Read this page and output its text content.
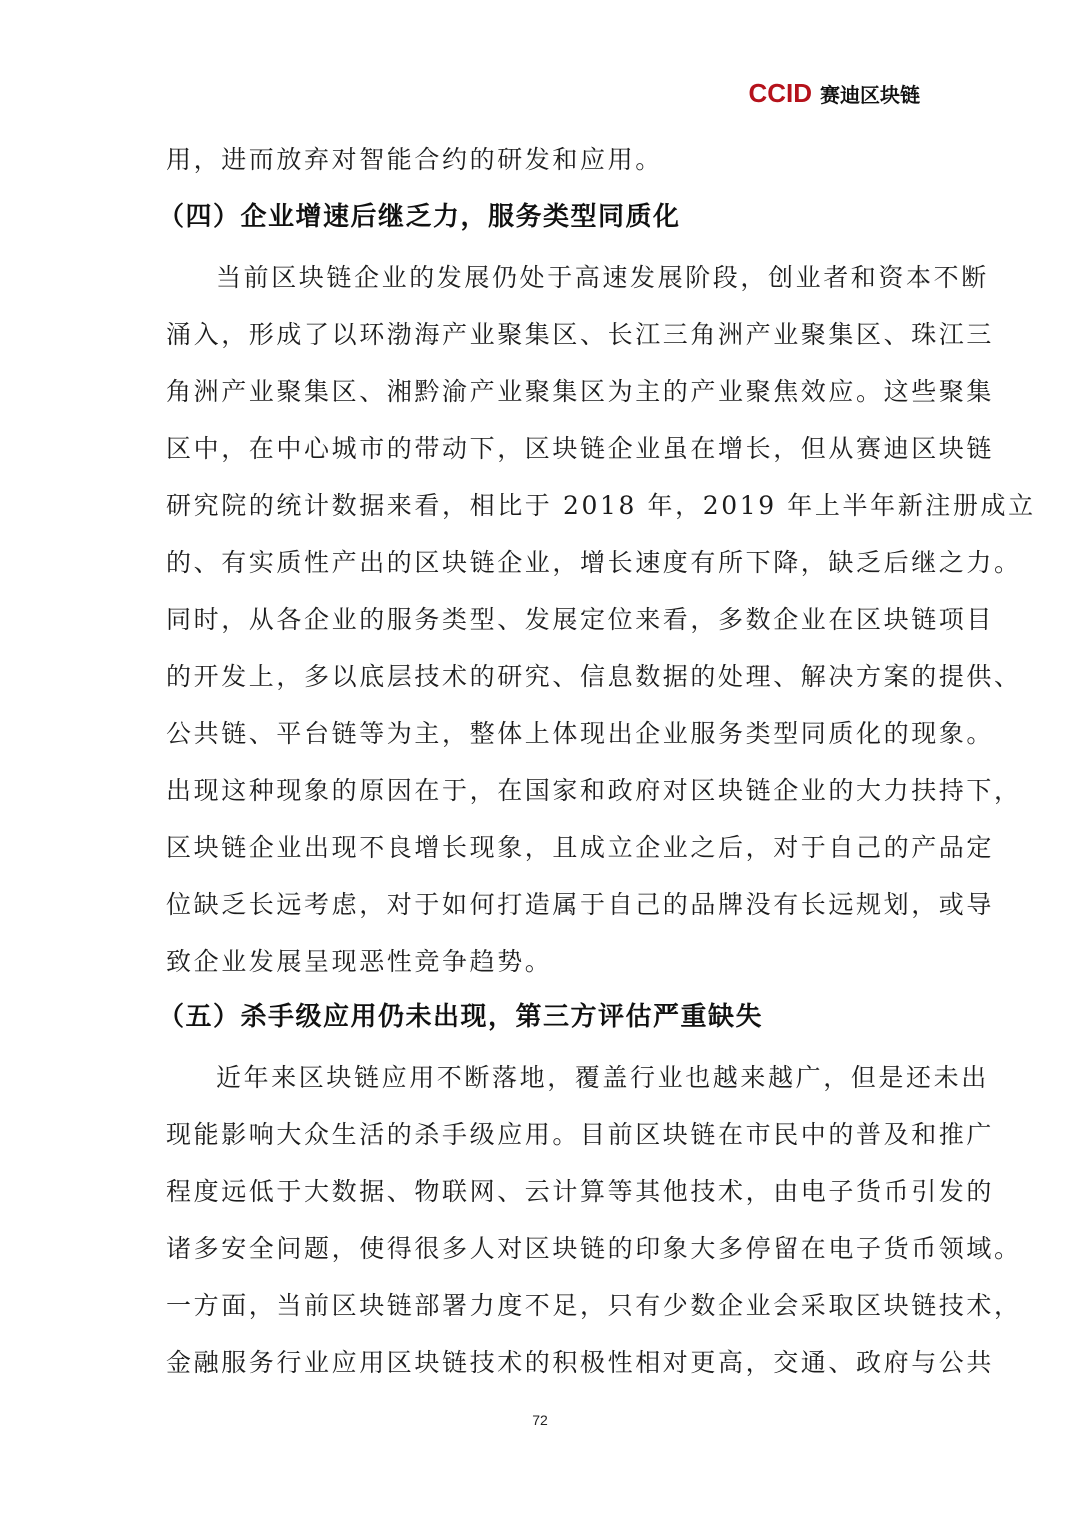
CCID 赛迪区块链
用，进而放弃对智能合约的研发和应用。
（四）企业增速后继乏力，服务类型同质化
当前区块链企业的发展仍处于高速发展阶段，创业者和资本不断
涌入，形成了以环渤海产业聚集区、长江三角洲产业聚集区、珠江三
角洲产业聚集区、湘黔渝产业聚集区为主的产业聚焦效应。这些聚集
区中，在中心城市的带动下，区块链企业虽在增长，但从赛迪区块链
研究院的统计数据来看，相比于 2018 年，2019 年上半年新注册成立
的、有实质性产出的区块链企业，增长速度有所下降，缺乏后继之力。
同时，从各企业的服务类型、发展定位来看，多数企业在区块链项目
的开发上，多以底层技术的研究、信息数据的处理、解决方案的提供、
公共链、平台链等为主，整体上体现出企业服务类型同质化的现象。
出现这种现象的原因在于，在国家和政府对区块链企业的大力扶持下，
区块链企业出现不良增长现象，且成立企业之后，对于自己的产品定
位缺乏长远考虑，对于如何打造属于自己的品牌没有长远规划，或导
致企业发展呈现恶性竞争趋势。
（五）杀手级应用仍未出现，第三方评估严重缺失
近年来区块链应用不断落地，覆盖行业也越来越广，但是还未出
现能影响大众生活的杀手级应用。目前区块链在市民中的普及和推广
程度远低于大数据、物联网、云计算等其他技术，由电子货币引发的
诸多安全问题，使得很多人对区块链的印象大多停留在电子货币领域。
一方面，当前区块链部署力度不足，只有少数企业会采取区块链技术，
金融服务行业应用区块链技术的积极性相对更高，交通、政府与公共
72
